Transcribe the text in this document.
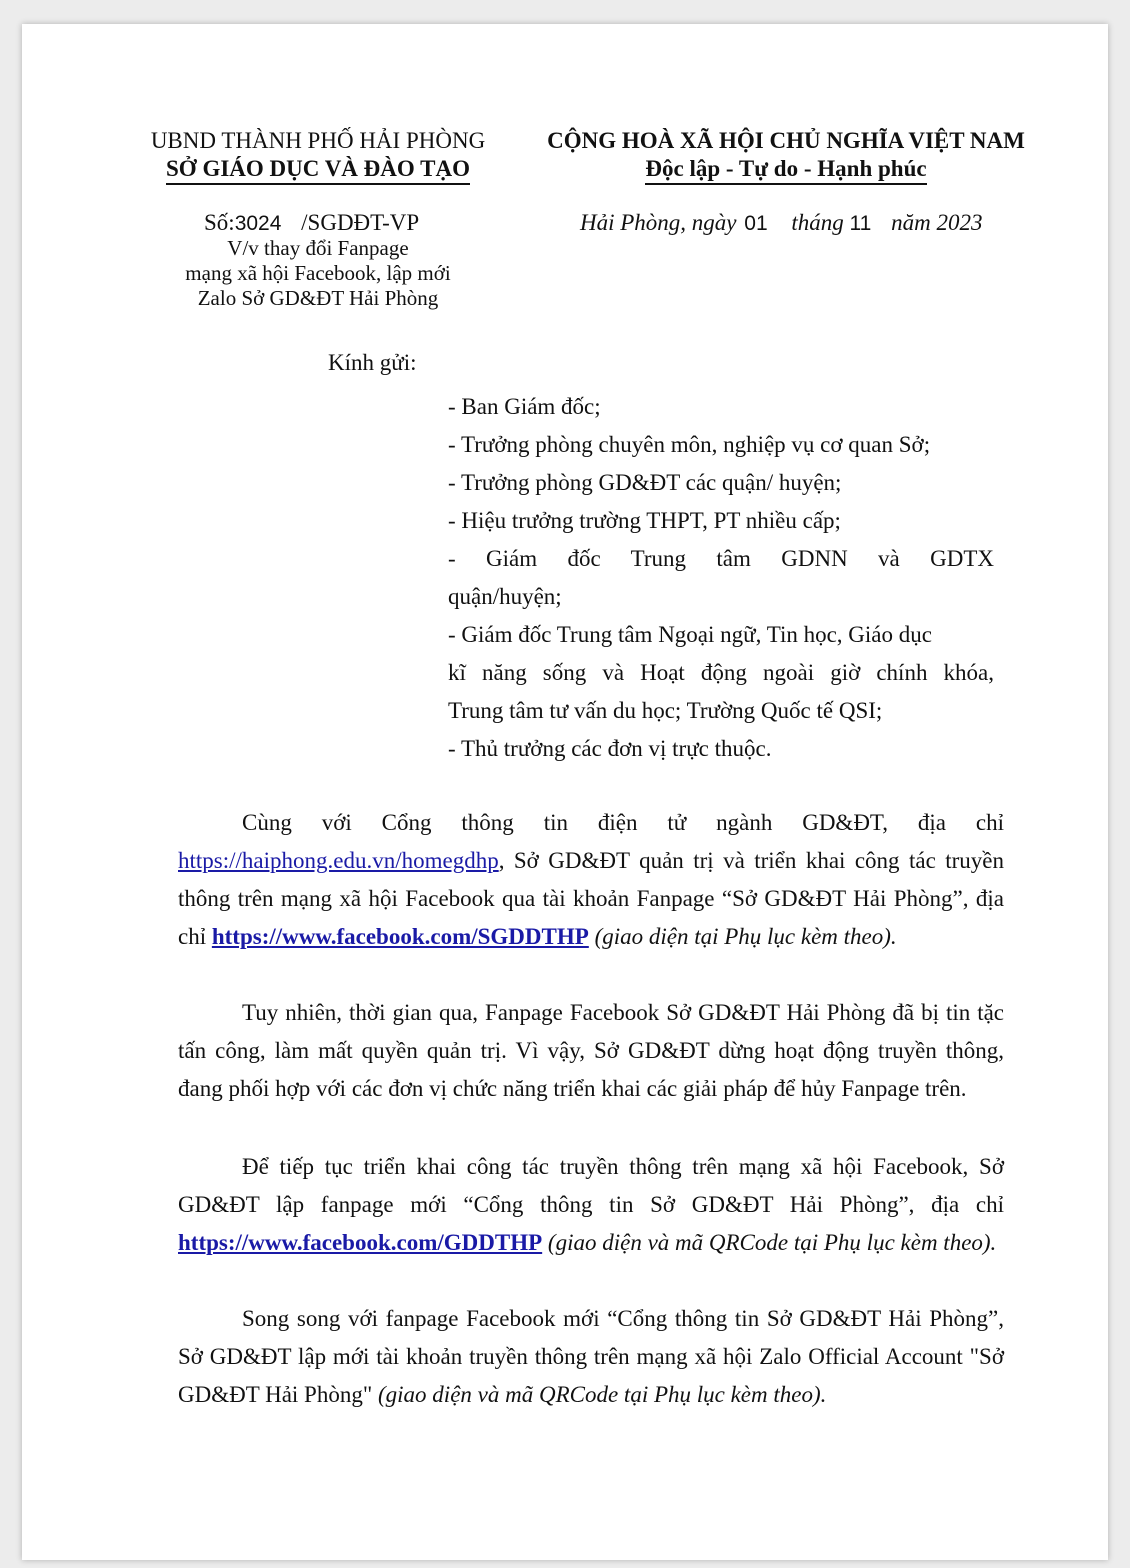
UBND THÀNH PHỐ HẢI PHÒNG
SỞ GIÁO DỤC VÀ ĐÀO TẠO
CỘNG HOÀ XÃ HỘI CHỦ NGHĨA VIỆT NAM
Độc lập - Tự do - Hạnh phúc
Số:3024 /SGDĐT-VP
V/v thay đổi Fanpage
mạng xã hội Facebook, lập mới
Zalo Sở GD&ĐT Hải Phòng
Hải Phòng, ngày 01 tháng 11 năm 2023
Kính gửi:
- Ban Giám đốc;
- Trưởng phòng chuyên môn, nghiệp vụ cơ quan Sở;
- Trưởng phòng GD&ĐT các quận/ huyện;
- Hiệu trưởng trường THPT, PT nhiều cấp;
- Giám đốc Trung tâm GDNN và GDTX
quận/huyện;
- Giám đốc Trung tâm Ngoại ngữ, Tin học, Giáo dục
kĩ năng sống và Hoạt động ngoài giờ chính khóa,
Trung tâm tư vấn du học; Trường Quốc tế QSI;
- Thủ trưởng các đơn vị trực thuộc.
Cùng với Cổng thông tin điện tử ngành GD&ĐT, địa chỉ https://haiphong.edu.vn/homegdhp, Sở GD&ĐT quản trị và triển khai công tác truyền thông trên mạng xã hội Facebook qua tài khoản Fanpage “Sở GD&ĐT Hải Phòng”, địa chỉ https://www.facebook.com/SGDDTHP (giao diện tại Phụ lục kèm theo).
Tuy nhiên, thời gian qua, Fanpage Facebook Sở GD&ĐT Hải Phòng đã bị tin tặc tấn công, làm mất quyền quản trị. Vì vậy, Sở GD&ĐT dừng hoạt động truyền thông, đang phối hợp với các đơn vị chức năng triển khai các giải pháp để hủy Fanpage trên.
Để tiếp tục triển khai công tác truyền thông trên mạng xã hội Facebook, Sở GD&ĐT lập fanpage mới “Cổng thông tin Sở GD&ĐT Hải Phòng”, địa chỉ https://www.facebook.com/GDDTHP (giao diện và mã QRCode tại Phụ lục kèm theo).
Song song với fanpage Facebook mới “Cổng thông tin Sở GD&ĐT Hải Phòng”, Sở GD&ĐT lập mới tài khoản truyền thông trên mạng xã hội Zalo Official Account "Sở GD&ĐT Hải Phòng" (giao diện và mã QRCode tại Phụ lục kèm theo).
